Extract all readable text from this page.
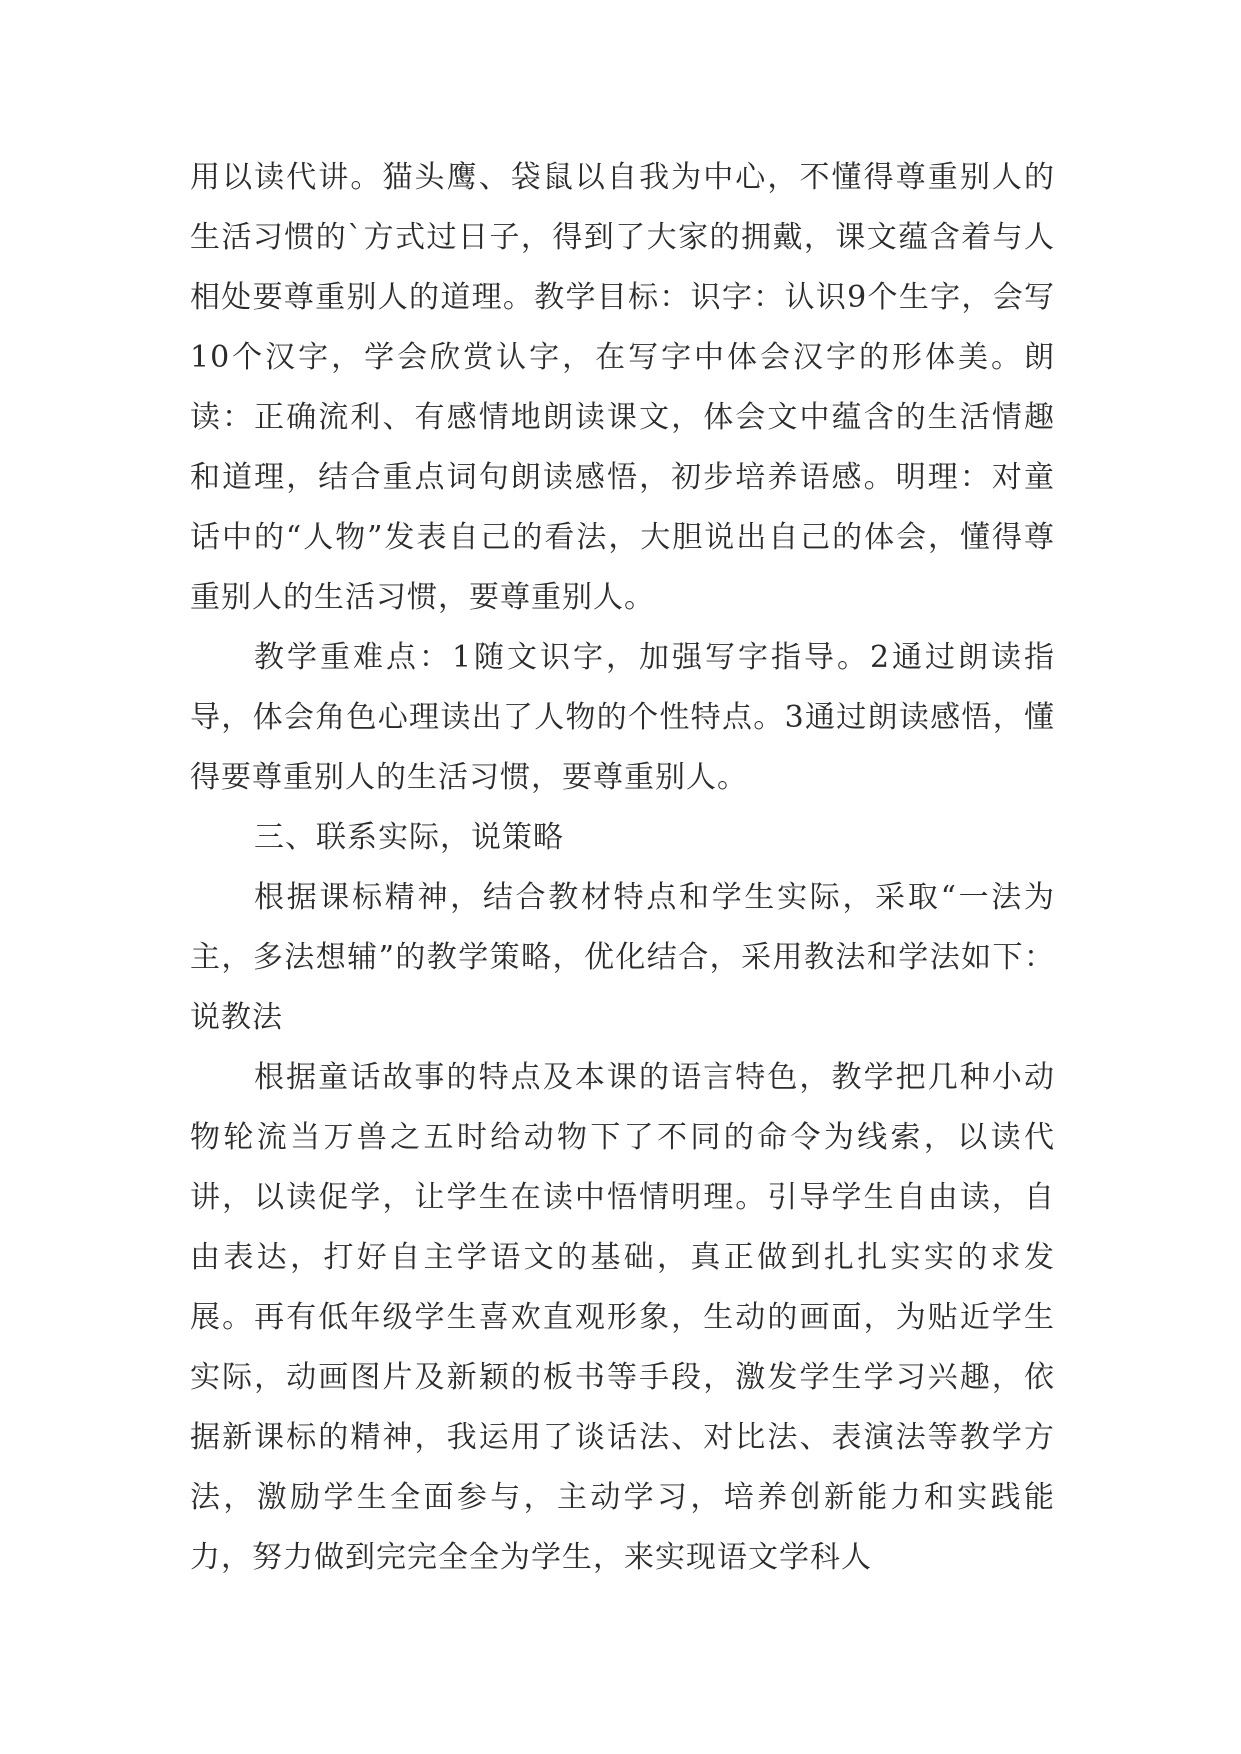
用以读代讲。猫头鹰、袋鼠以自我为中心，不懂得尊重别人的生活习惯的`方式过日子，得到了大家的拥戴，课文蕴含着与人相处要尊重别人的道理。教学目标：识字：认识9个生字，会写10个汉字，学会欣赏认字，在写字中体会汉字的形体美。朗读：正确流利、有感情地朗读课文，体会文中蕴含的生活情趣和道理，结合重点词句朗读感悟，初步培养语感。明理：对童话中的“人物”发表自己的看法，大胆说出自己的体会，懂得尊重别人的生活习惯，要尊重别人。

教学重难点：1随文识字，加强写字指导。2通过朗读指导，体会角色心理读出了人物的个性特点。3通过朗读感悟，懂得要尊重别人的生活习惯，要尊重别人。

三、联系实际，说策略

根据课标精神，结合教材特点和学生实际，采取“一法为主，多法想辅”的教学策略，优化结合，采用教法和学法如下：说教法

根据童话故事的特点及本课的语言特色，教学把几种小动物轮流当万兽之五时给动物下了不同的命令为线索，以读代讲，以读促学，让学生在读中悟情明理。引导学生自由读，自由表达，打好自主学语文的基础，真正做到扎扎实实的求发展。再有低年级学生喜欢直观形象，生动的画面，为贴近学生实际，动画图片及新颖的板书等手段，激发学生学习兴趣，依据新课标的精神，我运用了谈话法、对比法、表演法等教学方法，激励学生全面参与，主动学习，培养创新能力和实践能力，努力做到完完全全为学生，来实现语文学科人
